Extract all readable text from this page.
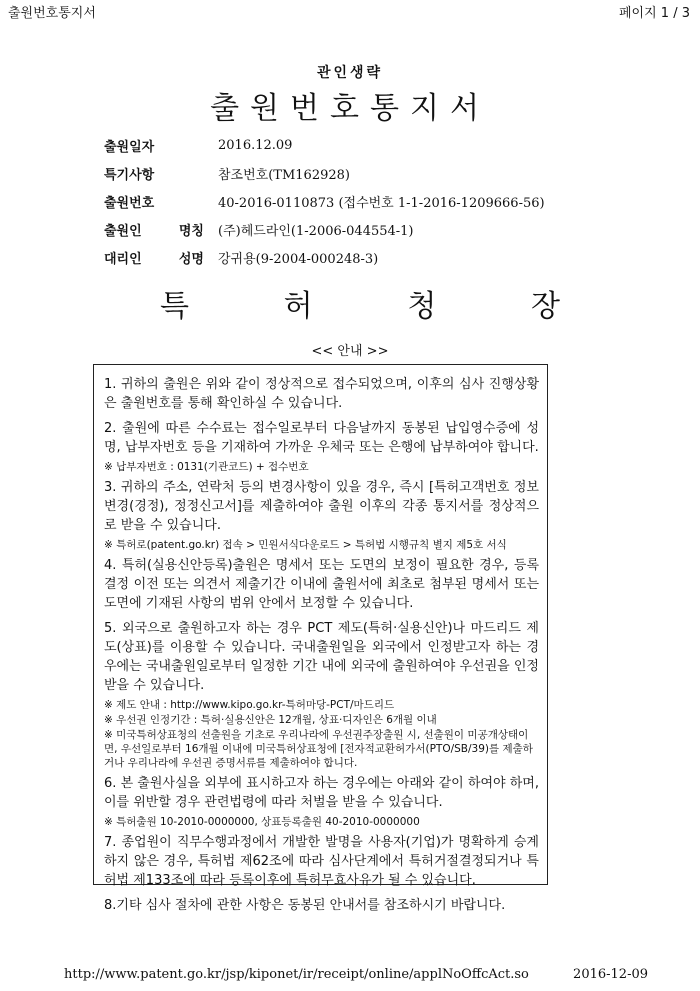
출원번호통지서	페이지 1 / 3
관인생략
출원번호통지서
출원일자	2016.12.09
특기사항	참조번호(TM162928)
출원번호	40-2016-0110873 (접수번호 1-1-2016-1209666-56)
출원인 명칭 (주)헤드라인(1-2006-044554-1)
대리인 성명 강귀용(9-2004-000248-3)
특	허	청	장
<< 안내 >>
1. 귀하의 출원은 위와 같이 정상적으로 접수되었으며, 이후의 심사 진행상황은 출원번호를 통해 확인하실 수 있습니다.
2. 출원에 따른 수수료는 접수일로부터 다음날까지 동봉된 납입영수증에 성명, 납부자번호 등을 기재하여 가까운 우체국 또는 은행에 납부하여야 합니다.
※ 납부자번호 : 0131(기관코드) + 접수번호
3. 귀하의 주소, 연락처 등의 변경사항이 있을 경우, 즉시 [특허고객번호 정보변경(경정), 정정신고서]를 제출하여야 출원 이후의 각종 통지서를 정상적으로 받을 수 있습니다.
※ 특허로(patent.go.kr) 접속 > 민원서식다운로드 > 특허법 시행규칙 별지 제5호 서식
4. 특허(실용신안등록)출원은 명세서 또는 도면의 보정이 필요한 경우, 등록결정 이전 또는 의견서 제출기간 이내에 출원서에 최초로 첨부된 명세서 또는 도면에 기재된 사항의 범위 안에서 보정할 수 있습니다.
5. 외국으로 출원하고자 하는 경우 PCT 제도(특허·실용신안)나 마드리드 제도(상표)를 이용할 수 있습니다. 국내출원일을 외국에서 인정받고자 하는 경우에는 국내출원일로부터 일정한 기간 내에 외국에 출원하여야 우선권을 인정받을 수 있습니다.
※ 제도 안내 : http://www.kipo.go.kr-특허마당-PCT/마드리드
※ 우선권 인정기간 : 특허·실용신안은 12개월, 상표·디자인은 6개월 이내
※ 미국특허상표청의 선출원을 기초로 우리나라에 우선권주장출원 시, 선출원이 미공개상태이면, 우선일로부터 16개월 이내에 미국특허상표청에 [전자적교환허가서(PTO/SB/39)를 제출하거나 우리나라에 우선권 증명서류를 제출하여야 합니다.
6. 본 출원사실을 외부에 표시하고자 하는 경우에는 아래와 같이 하여야 하며, 이를 위반할 경우 관련법령에 따라 처벌을 받을 수 있습니다.
※ 특허출원 10-2010-0000000, 상표등록출원 40-2010-0000000
7. 종업원이 직무수행과정에서 개발한 발명을 사용자(기업)가 명확하게 승계하지 않은 경우, 특허법 제62조에 따라 심사단계에서 특허거절결정되거나 특허법 제133조에 따라 등록이후에 특허무효사유가 될 수 있습니다.
8.기타 심사 절차에 관한 사항은 동봉된 안내서를 참조하시기 바랍니다.
http://www.patent.go.kr/jsp/kiponet/ir/receipt/online/applNoOffcAct.so	2016-12-09
